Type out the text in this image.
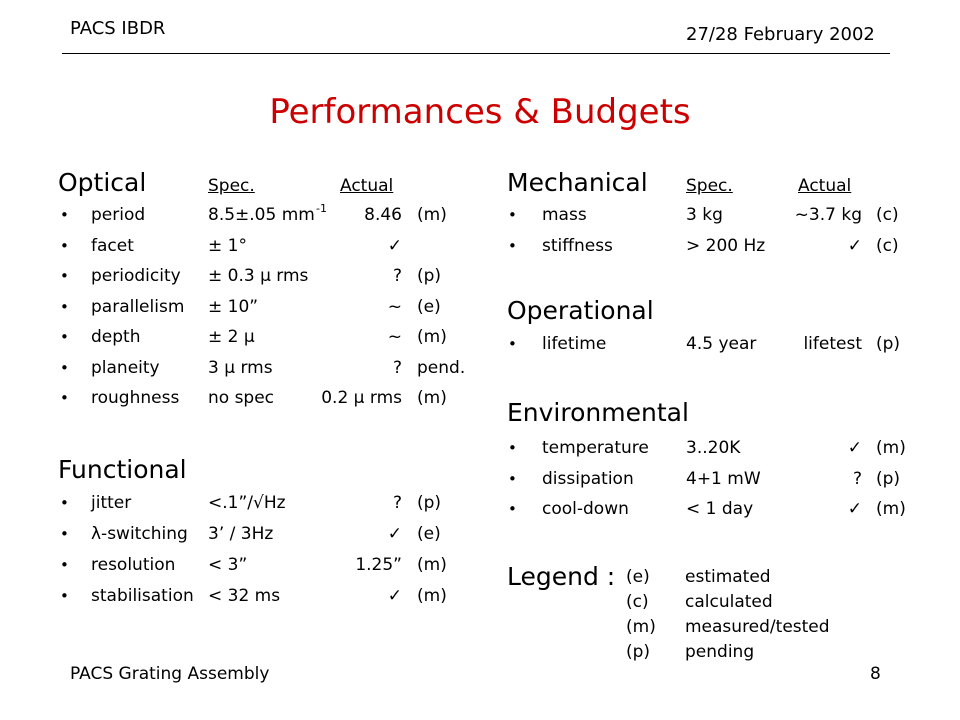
PACS IBDR	27/28 February 2002
Performances & Budgets
Optical	Spec.	Actual
• period	8.5±.05 mm -1 8.46 (m)
• facet	± 1°	✓
• periodicity ± 0.3 µ rms	? (p)
• parallelism ± 10”	~ (e)
• depth	± 2 µ	~ (m)
• planeity	3 µ rms	? pend.
• roughness no spec	0.2 µ rms (m)
Functional
• jitter	<.1”/√Hz	? (p)
• λ-switching 3’ / 3Hz	✓ (e)
• resolution < 3”	1.25” (m)
• stabilisation < 32 ms	✓ (m)
Mechanical Spec.	Actual
• mass	3 kg	~3.7 kg (c)
• stiffness	> 200 Hz	✓ (c)
Operational
• lifetime	4.5 year	lifetest (p)
Environmental
• temperature 3..20K	✓ (m)
• dissipation	4+1 mW	? (p)
• cool-down	< 1 day	✓ (m)
Legend : (e) estimated
(c) calculated
(m) measured/tested
(p) pending
PACS Grating Assembly	8
